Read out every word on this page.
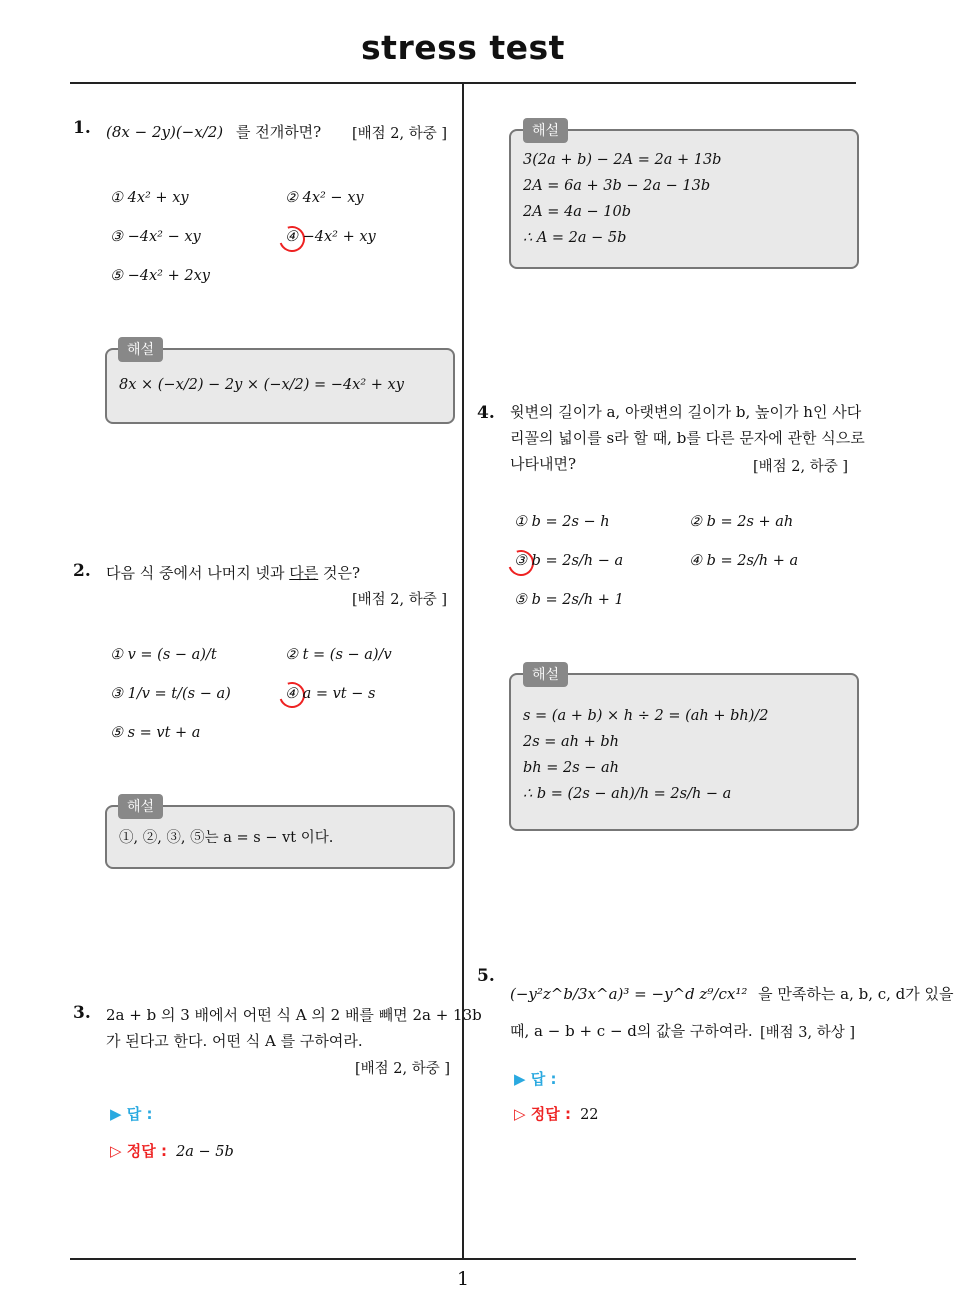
stress test
1
1. (8x − 2y)(−x/2) 를 전개하면? [배점 2, 하중 ]
① 4x² + xy	② 4x² − xy
③ −4x² − xy	④ −4x² + xy
⑤ −4x² + 2xy
8x × (−x/2) − 2y × (−x/2) = −4x² + xy
해설
2. 다음 식 중에서 나머지 넷과 다른 것은?
[배점 2, 하중 ]
① v = (s − a)/t	② t = (s − a)/v
③ 1/v = t/(s − a)	④ a = vt − s
⑤ s = vt + a
①, ②, ③, ⑤는 a = s − vt 이다.
해설
3. 2a + b 의 3 배에서 어떤 식 A 의 2 배를 빼면 2a + 13b
가 된다고 한다. 어떤 식 A 를 구하여라.
[배점 2, 하중 ]
▶ 답 :
▷ 정답 : 2a − 5b
3(2a + b) − 2A = 2a + 13b
2A = 6a + 3b − 2a − 13b
2A = 4a − 10b
∴ A = 2a − 5b
해설
4. 윗변의 길이가 a, 아랫변의 길이가 b, 높이가 h인 사다
리꼴의 넓이를 s라 할 때, b를 다른 문자에 관한 식으로
나타내면?	[배점 2, 하중 ]
① b = 2s − h	② b = 2s + ah
③ b = 2s/h − a	④ b = 2s/h + a
⑤ b = 2s/h + 1
s = (a + b) × h ÷ 2 = (ah + bh)/2
2s = ah + bh
bh = 2s − ah
∴ b = (2s − ah)/h = 2s/h − a
해설
5.
(−y²z^b/3x^a)³ = −y^d z⁹/cx¹² 을 만족하는 a, b, c, d가 있을
때, a − b + c − d의 값을 구하여라. [배점 3, 하상 ]
▶ 답 :
▷ 정답 : 22
